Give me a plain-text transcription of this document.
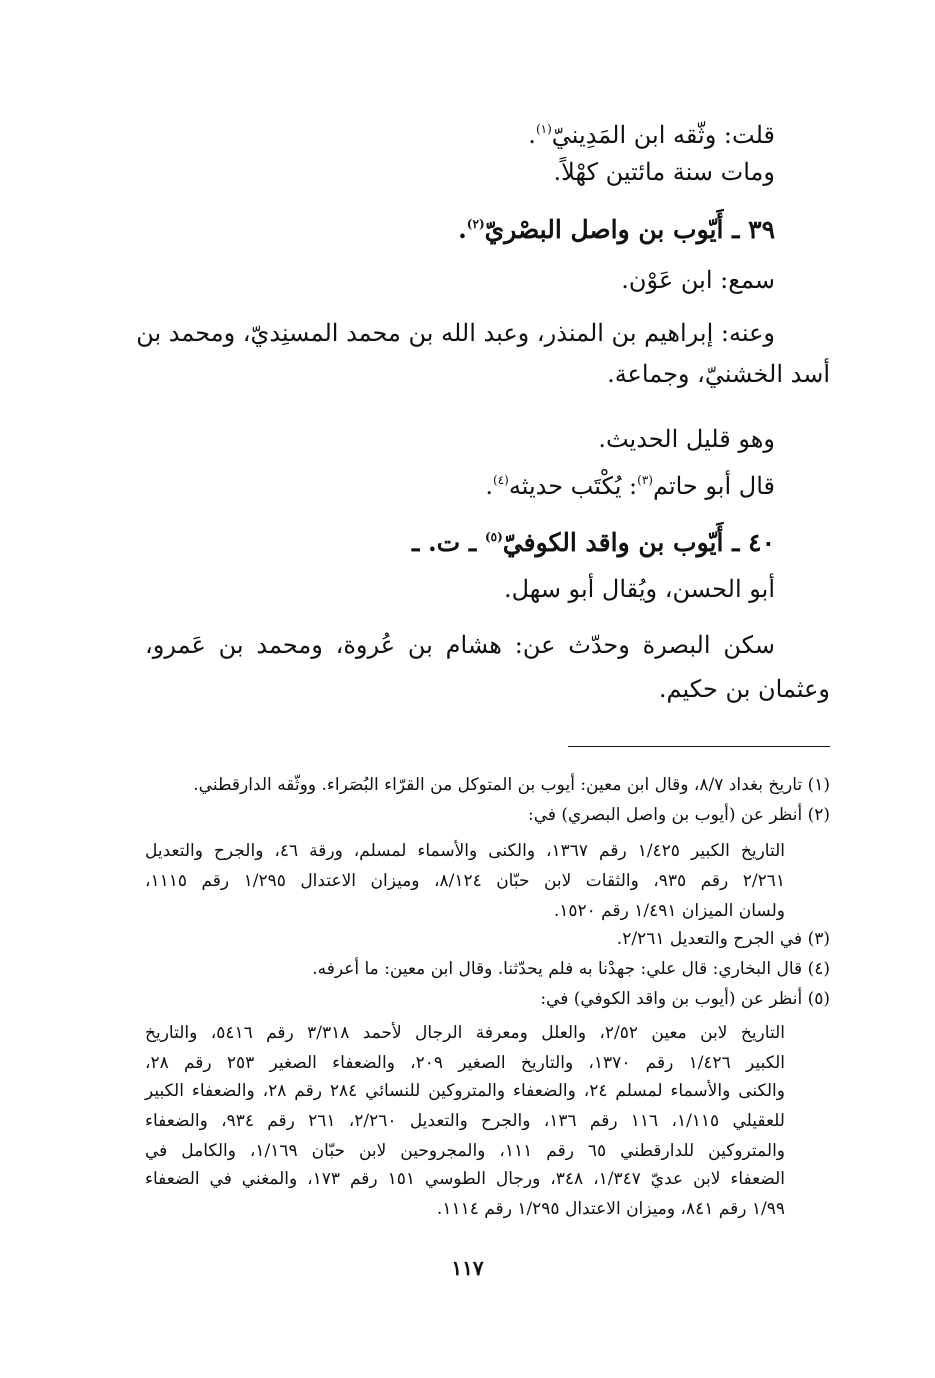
قلت: وثّقه ابن المَدِينيّ$^{(١)}$.
ومات سنة مائتين كهْلاً.
٣٩ ـ أَيّوب بن واصل البصْريّ$^{(٢)}$.
سمع: ابن عَوْن.
وعنه: إبراهيم بن المنذر، وعبد الله بن محمد المسنِديّ، ومحمد بن
أسد الخشنيّ، وجماعة.
وهو قليل الحديث.
قال أبو حاتم$^{(٣)}$: يُكْتَب حديثه$^{(٤)}$.
٤٠ ـ أَيّوب بن واقد الكوفيّ$^{(٥)}$ ـ ت. ـ
أبو الحسن، ويُقال أبو سهل.
سكن البصرة وحدّث عن: هشام بن عُروة، ومحمد بن عَمرو،
وعثمان بن حكيم.
(١) تاريخ بغداد ٨/٧، وقال ابن معين: أيوب بن المتوكل من القرّاء البُصَراء. ووثّقه الدارقطني.
(٢) أنظر عن (أيوب بن واصل البصري) في:
التاريخ الكبير ١/٤٢٥ رقم ١٣٦٧، والكنى والأسماء لمسلم، ورقة ٤٦، والجرح والتعديل
٢/٢٦١ رقم ٩٣٥، والثقات لابن حبّان ٨/١٢٤، وميزان الاعتدال ١/٢٩٥ رقم ١١١٥،
ولسان الميزان ١/٤٩١ رقم ١٥٢٠.
(٣) في الجرح والتعديل ٢/٢٦١.
(٤) قال البخاري: قال علي: جهدْنا به فلم يحدّثنا. وقال ابن معين: ما أعرفه.
(٥) أنظر عن (أيوب بن واقد الكوفي) في:
التاريخ لابن معين ٢/٥٢، والعلل ومعرفة الرجال لأحمد ٣/٣١٨ رقم ٥٤١٦، والتاريخ
الكبير ١/٤٢٦ رقم ١٣٧٠، والتاريخ الصغير ٢٠٩، والضعفاء الصغير ٢٥٣ رقم ٢٨،
والكنى والأسماء لمسلم ٢٤، والضعفاء والمتروكين للنسائي ٢٨٤ رقم ٢٨، والضعفاء الكبير
للعقيلي ١/١١٥، ١١٦ رقم ١٣٦، والجرح والتعديل ٢/٢٦٠، ٢٦١ رقم ٩٣٤، والضعفاء
والمتروكين للدارقطني ٦٥ رقم ١١١، والمجروحين لابن حبّان ١/١٦٩، والكامل في
الضعفاء لابن عديّ ١/٣٤٧، ٣٤٨، ورجال الطوسي ١٥١ رقم ١٧٣، والمغني في الضعفاء
١/٩٩ رقم ٨٤١، وميزان الاعتدال ١/٢٩٥ رقم ١١١٤.
١١٧
